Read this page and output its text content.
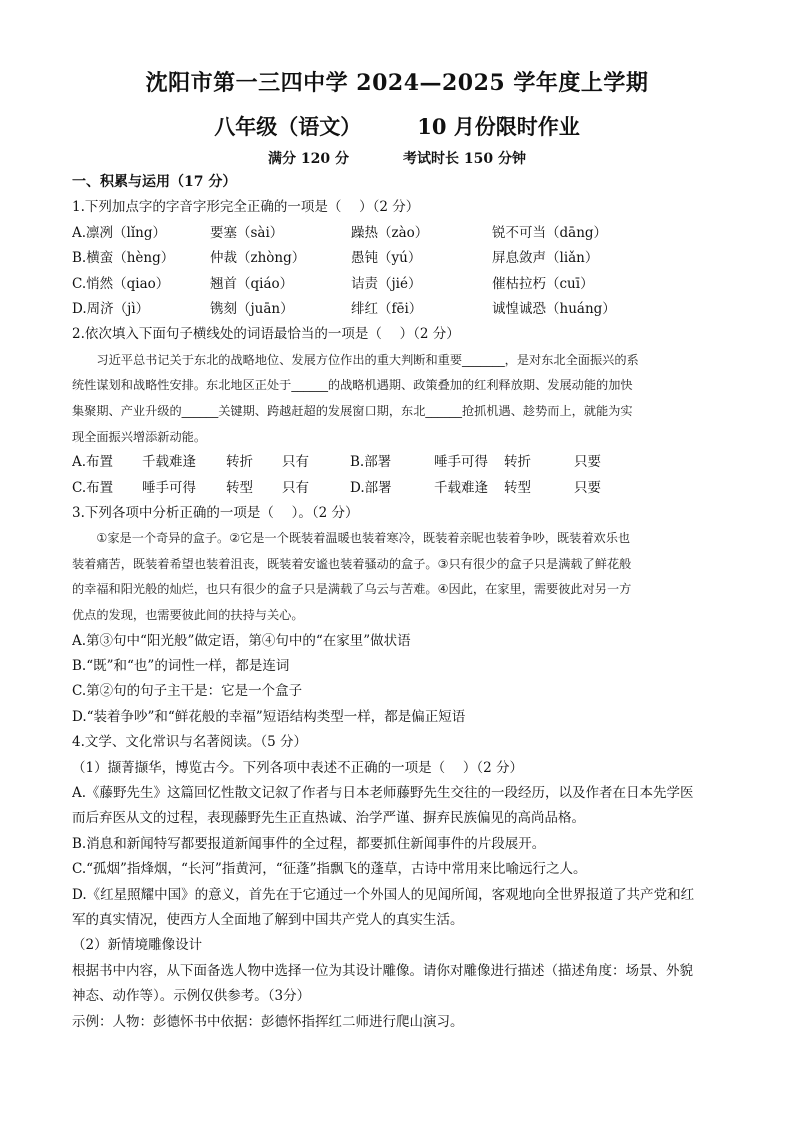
沈阳市第一三四中学 2024—2025 学年度上学期
八年级（语文）	10 月份限时作业
满分 120 分	考试时长 150 分钟
一、积累与运用（17 分）
1.下列加点字的字音字形完全正确的一项是（　 ）（2 分）
A.凛冽（lǐng）	要塞（sài）	躁热（zào）	锐不可当（dāng）
B.横蛮（hèng）	仲裁（zhòng）	愚钝（yú）	屏息敛声（liǎn）
C.悄然（qiao）	翘首（qiáo）	诘责（jié）	催枯拉朽（cuī）
D.周济（jì）	镌刻（juān）	绯红（fēi）	诚惶诚恐（huáng）
2.依次填入下面句子横线处的词语最恰当的一项是（　 ）（2 分）

习近平总书记关于东北的战略地位、发展方位作出的重大判断和重要_______，是对东北全面振兴的系

统性谋划和战略性安排。东北地区正处于______的战略机遇期、政策叠加的红利释放期、发展动能的加快

集聚期、产业升级的______关键期、跨越赶超的发展窗口期，东北______抢抓机遇、趁势而上，就能为实

现全面振兴增添新动能。

A.布置 千载难逢 转折 只有	B.部署	唾手可得 转折	只要
C.布置 唾手可得 转型 只有	D.部署	千载难逢 转型	只要
3.下列各项中分析正确的一项是（　 ）。（2 分）

①家是一个奇异的盒子。②它是一个既装着温暖也装着寒冷，既装着亲昵也装着争吵，既装着欢乐也

装着痛苦，既装着希望也装着沮丧，既装着安谧也装着骚动的盒子。③只有很少的盒子只是满载了鲜花般

的幸福和阳光般的灿烂，也只有很少的盒子只是满载了乌云与苦难。④因此，在家里，需要彼此对另一方

优点的发现，也需要彼此间的扶持与关心。

A.第③句中“阳光般”做定语，第④句中的“在家里”做状语
B.“既”和“也”的词性一样，都是连词
C.第②句的句子主干是：它是一个盒子
D.“装着争吵”和“鲜花般的幸福”短语结构类型一样，都是偏正短语
4.文学、文化常识与名著阅读。（5 分）
（1）撷菁撷华，博览古今。下列各项中表述不正确的一项是（　 ）（2 分）
A.《藤野先生》这篇回忆性散文记叙了作者与日本老师藤野先生交往的一段经历，以及作者在日本先学医
而后弃医从文的过程，表现藤野先生正直热诚、治学严谨、摒弃民族偏见的高尚品格。
B.消息和新闻特写都要报道新闻事件的全过程，都要抓住新闻事件的片段展开。
C.“孤烟”指烽烟，“长河”指黄河，“征蓬”指飘飞的蓬草，古诗中常用来比喻远行之人。
D.《红星照耀中国》的意义，首先在于它通过一个外国人的见闻所闻，客观地向全世界报道了共产党和红
军的真实情况，使西方人全面地了解到中国共产党人的真实生活。
（2）新情境雕像设计
根据书中内容，从下面备选人物中选择一位为其设计雕像。请你对雕像进行描述（描述角度：场景、外貌
神态、动作等）。示例仅供参考。（3分）
示例：人物：彭德怀书中依据：彭德怀指挥红二师进行爬山演习。
